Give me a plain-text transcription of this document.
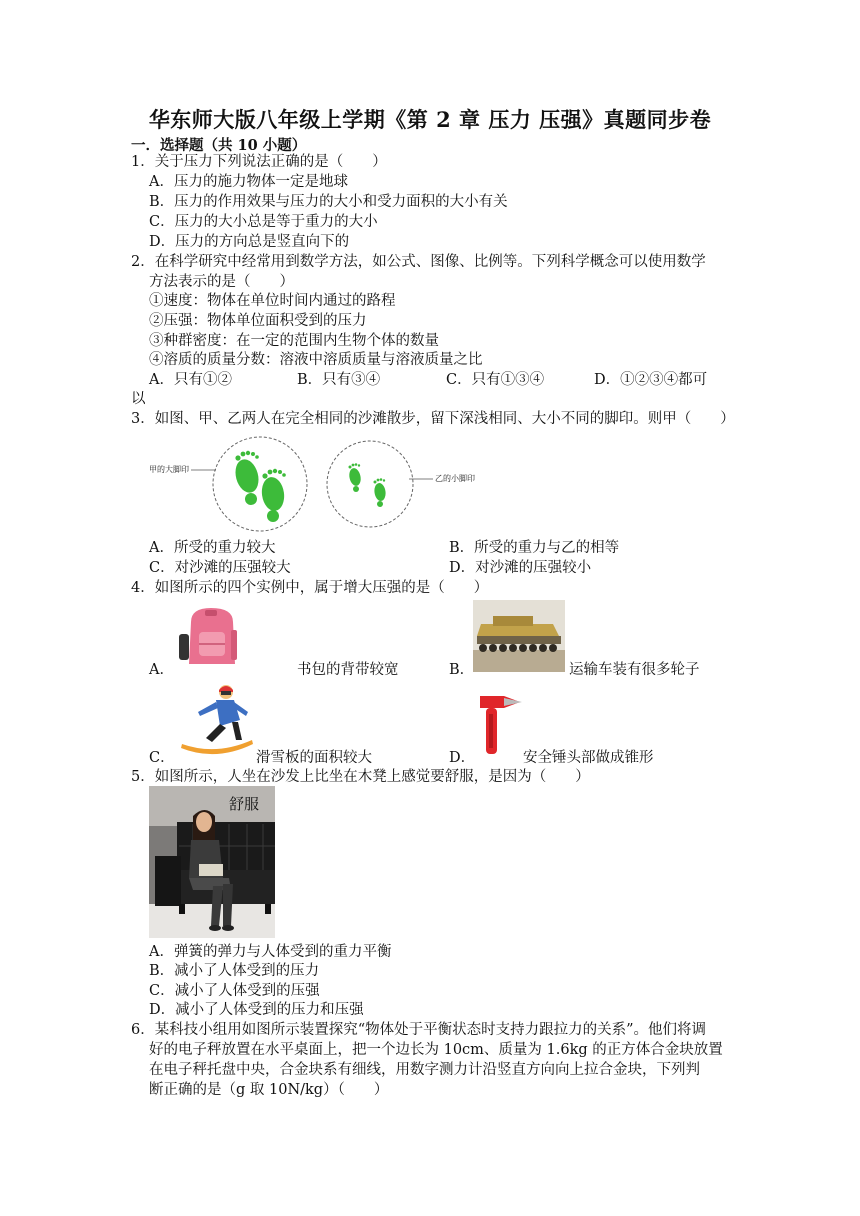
华东师大版八年级上学期《第 2 章 压力 压强》真题同步卷
一．选择题（共 10 小题）
1．关于压力下列说法正确的是（　　）
A．压力的施力物体一定是地球
B．压力的作用效果与压力的大小和受力面积的大小有关
C．压力的大小总是等于重力的大小
D．压力的方向总是竖直向下的
2．在科学研究中经常用到数学方法，如公式、图像、比例等。下列科学概念可以使用数学
方法表示的是（　　）
①速度：物体在单位时间内通过的路程
②压强：物体单位面积受到的压力
③种群密度：在一定的范围内生物个体的数量
④溶质的质量分数：溶液中溶质质量与溶液质量之比
A．只有①②	B．只有③④	C．只有①③④	D．①②③④都可
以
3．如图、甲、乙两人在完全相同的沙滩散步，留下深浅相同、大小不同的脚印。则甲（　　）
甲的大脚印
乙的小脚印
A．所受的重力较大	B．所受的重力与乙的相等
C．对沙滩的压强较大	D．对沙滩的压强较小
4．如图所示的四个实例中，属于增大压强的是（　　）
A．	书包的背带较宽	B．	运输车装有很多轮子
C．	滑雪板的面积较大	D．	安全锤头部做成锥形
5．如图所示，人坐在沙发上比坐在木凳上感觉要舒服，是因为（　　）
舒服
A．弹簧的弹力与人体受到的重力平衡
B．减小了人体受到的压力
C．减小了人体受到的压强
D．减小了人体受到的压力和压强
6．某科技小组用如图所示装置探究“物体处于平衡状态时支持力跟拉力的关系”。他们将调
好的电子秤放置在水平桌面上，把一个边长为 10cm、质量为 1.6kg 的正方体合金块放置
在电子秤托盘中央，合金块系有细线，用数字测力计沿竖直方向向上拉合金块，下列判
断正确的是（g 取 10N/kg）（　　）
